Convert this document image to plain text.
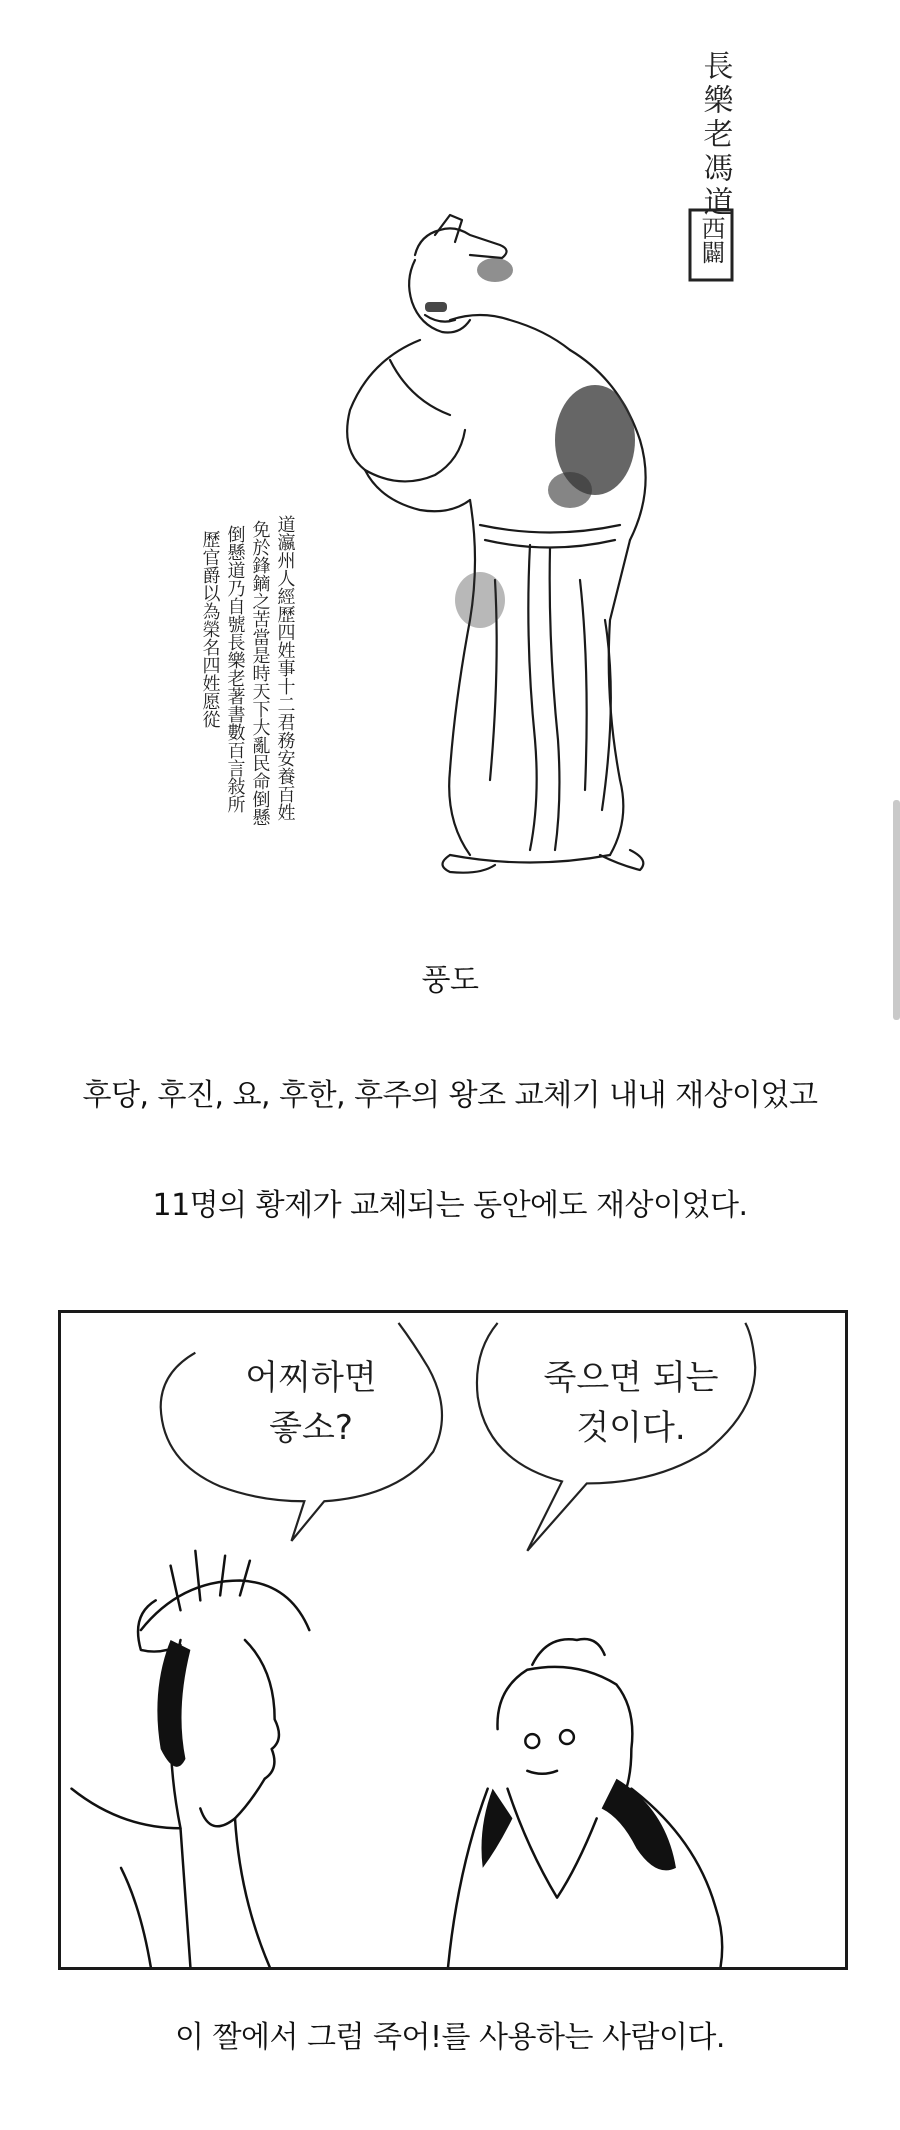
長樂老馮道
西闢
道瀛州人經歷四姓事十二君務安養百姓
免於鋒鏑之苦當是時天下大亂民命倒懸
倒懸道乃自號長樂老著書數百言敍所
歷官爵以為榮名四姓愿從
풍도
후당, 후진, 요, 후한, 후주의 왕조 교체기 내내 재상이었고
11명의 황제가 교체되는 동안에도 재상이었다.
어찌하면
좋소?
죽으면 되는
것이다.
이 짤에서 그럼 죽어!를 사용하는 사람이다.
